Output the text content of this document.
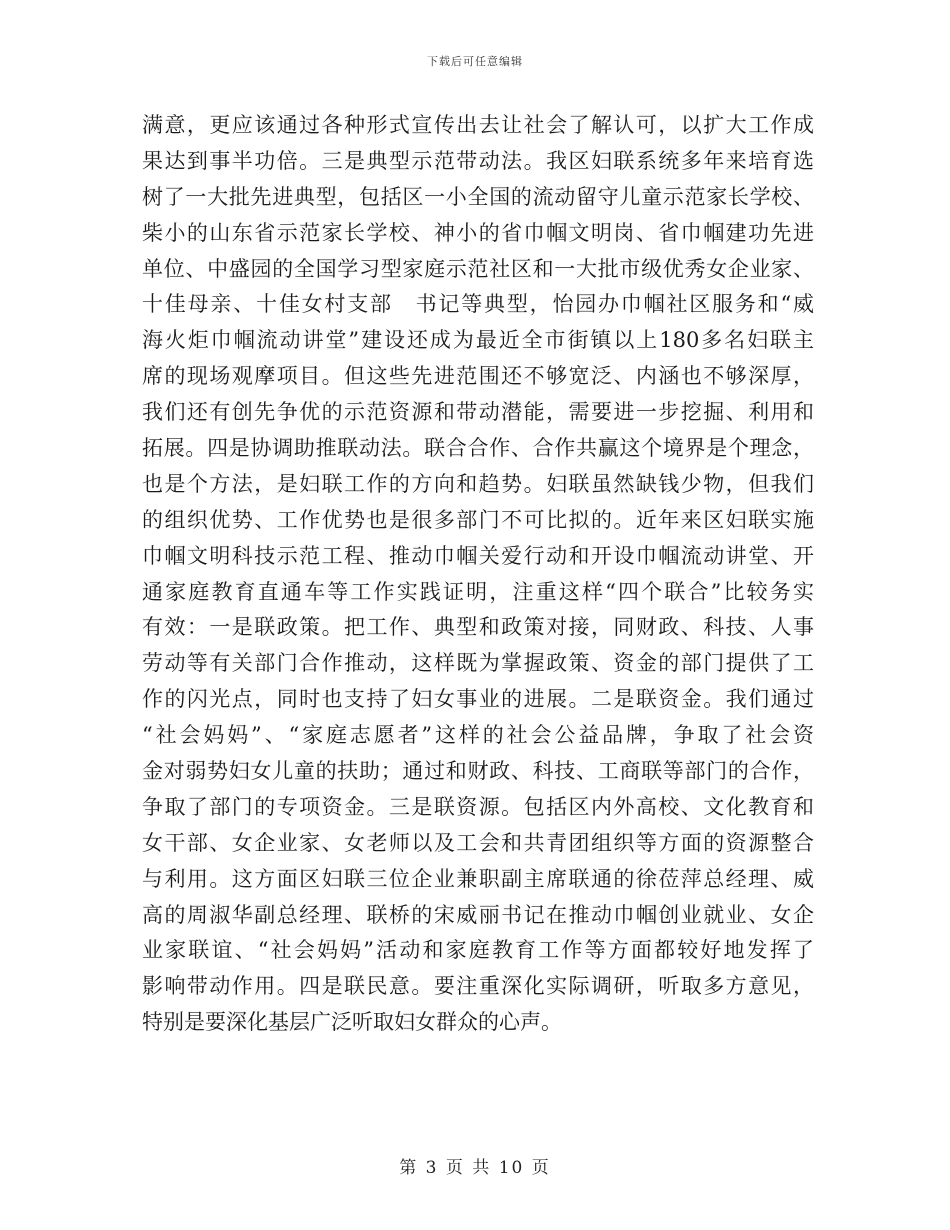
下载后可任意编辑
满意，更应该通过各种形式宣传出去让社会了解认可，以扩大工作成
果达到事半功倍。三是典型示范带动法。我区妇联系统多年来培育选
树了一大批先进典型，包括区一小全国的流动留守儿童示范家长学校、
柴小的山东省示范家长学校、神小的省巾帼文明岗、省巾帼建功先进
单位、中盛园的全国学习型家庭示范社区和一大批市级优秀女企业家、
十佳母亲、十佳女村支部　书记等典型，怡园办巾帼社区服务和“威
海火炬巾帼流动讲堂”建设还成为最近全市街镇以上180多名妇联主
席的现场观摩项目。但这些先进范围还不够宽泛、内涵也不够深厚，
我们还有创先争优的示范资源和带动潜能，需要进一步挖掘、利用和
拓展。四是协调助推联动法。联合合作、合作共赢这个境界是个理念，
也是个方法，是妇联工作的方向和趋势。妇联虽然缺钱少物，但我们
的组织优势、工作优势也是很多部门不可比拟的。近年来区妇联实施
巾帼文明科技示范工程、推动巾帼关爱行动和开设巾帼流动讲堂、开
通家庭教育直通车等工作实践证明，注重这样“四个联合”比较务实
有效：一是联政策。把工作、典型和政策对接，同财政、科技、人事
劳动等有关部门合作推动，这样既为掌握政策、资金的部门提供了工
作的闪光点，同时也支持了妇女事业的进展。二是联资金。我们通过
“社会妈妈”、“家庭志愿者”这样的社会公益品牌，争取了社会资
金对弱势妇女儿童的扶助；通过和财政、科技、工商联等部门的合作，
争取了部门的专项资金。三是联资源。包括区内外高校、文化教育和
女干部、女企业家、女老师以及工会和共青团组织等方面的资源整合
与利用。这方面区妇联三位企业兼职副主席联通的徐莅萍总经理、威
高的周淑华副总经理、联桥的宋威丽书记在推动巾帼创业就业、女企
业家联谊、“社会妈妈”活动和家庭教育工作等方面都较好地发挥了
影响带动作用。四是联民意。要注重深化实际调研，听取多方意见，
特别是要深化基层广泛听取妇女群众的心声。
第 3 页 共 10 页
